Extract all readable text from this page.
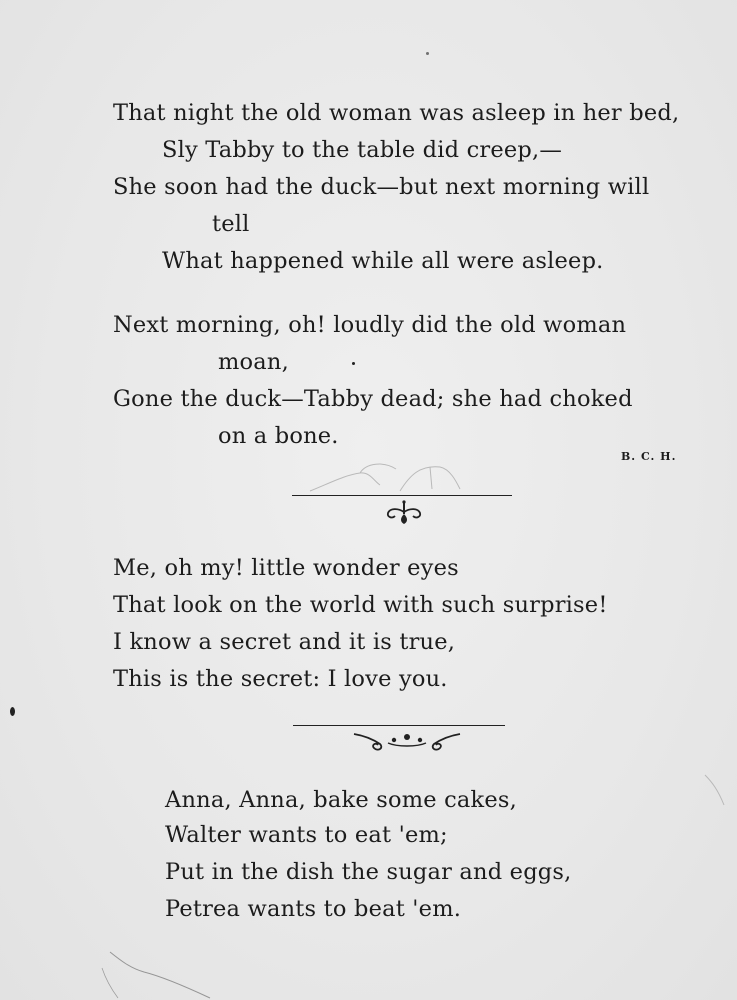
That night the old woman was asleep in her bed,
Sly Tabby to the table did creep,—
She soon had the duck—but next morning will
tell
What happened while all were asleep.
Next morning, oh! loudly did the old woman
moan,
Gone the duck—Tabby dead; she had choked
on a bone.
B. C. H.
Me, oh my! little wonder eyes
That look on the world with such surprise!
I know a secret and it is true,
This is the secret: I love you.
Anna, Anna, bake some cakes,
Walter wants to eat 'em;
Put in the dish the sugar and eggs,
Petrea wants to beat 'em.
